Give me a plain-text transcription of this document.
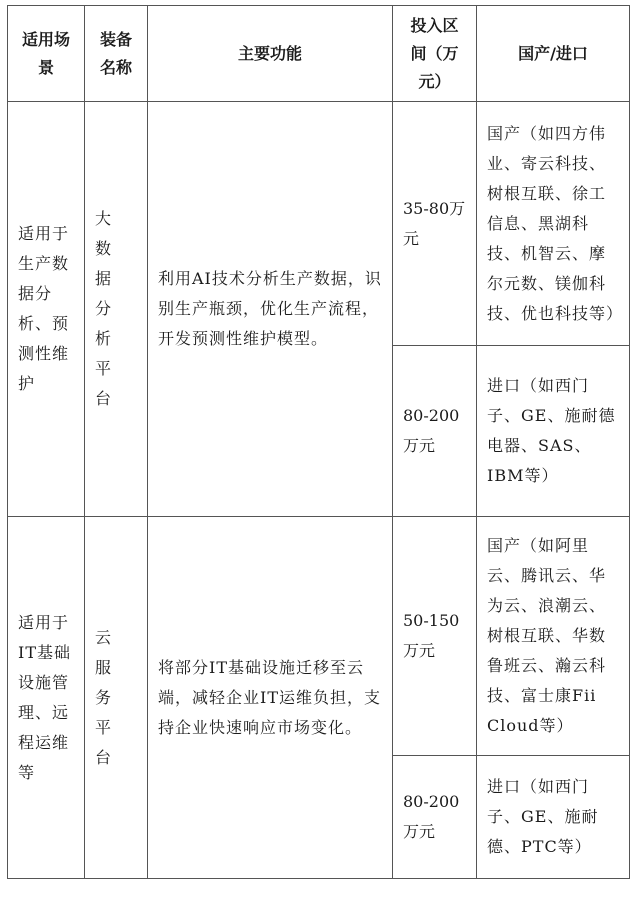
适用场景	装备名称	主要功能	投入区间（万元）	国产/进口
适用于生产数据分析、预测性维护	大数据分析平台	利用AI技术分析生产数据，识别生产瓶颈，优化生产流程，开发预测性维护模型。	35-80万元	国产（如四方伟业、寄云科技、树根互联、徐工信息、黑湖科技、机智云、摩尔元数、镁伽科技、优也科技等）
			80-200万元	进口（如西门子、GE、施耐德电器、SAS、IBM等）
适用于IT基础设施管理、远程运维等	云服务平台	将部分IT基础设施迁移至云端，减轻企业IT运维负担，支持企业快速响应市场变化。	50-150万元	国产（如阿里云、腾讯云、华为云、浪潮云、树根互联、华数鲁班云、瀚云科技、富士康Fii Cloud等）
			80-200万元	进口（如西门子、GE、施耐德、PTC等）
